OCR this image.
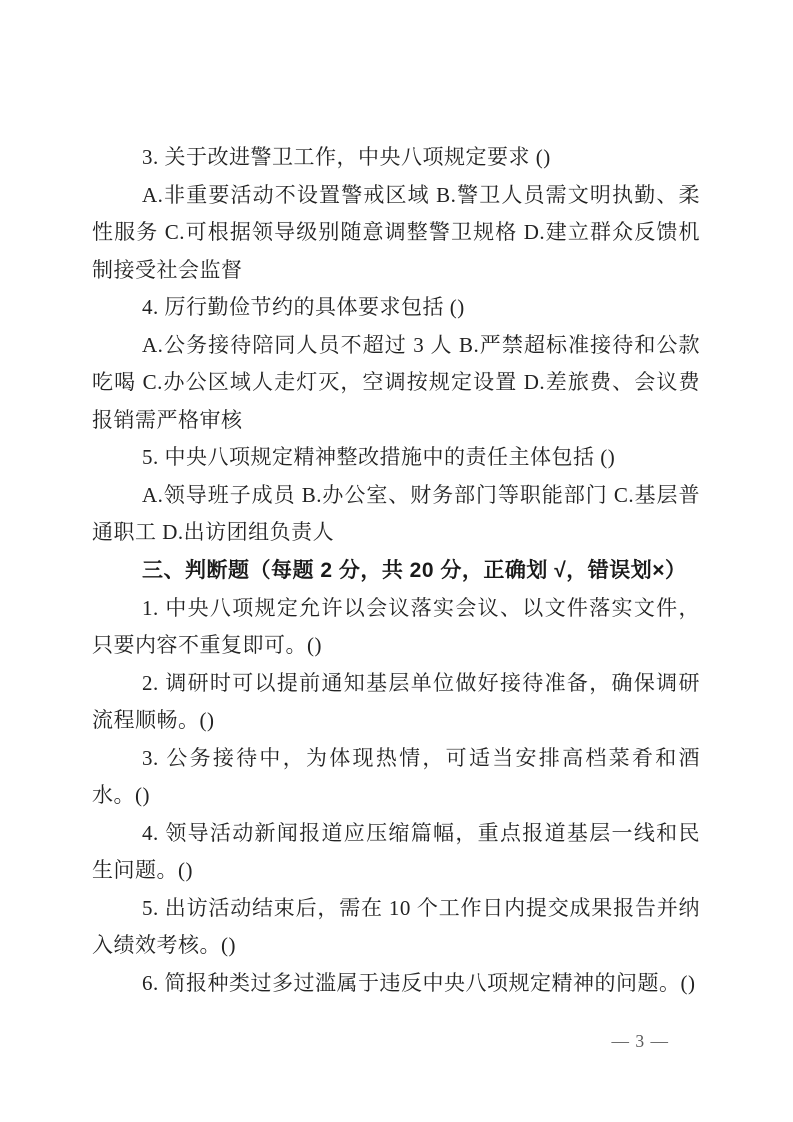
3. 关于改进警卫工作，中央八项规定要求 ()

A.非重要活动不设置警戒区域 B.警卫人员需文明执勤、柔性服务 C.可根据领导级别随意调整警卫规格 D.建立群众反馈机制接受社会监督

4. 厉行勤俭节约的具体要求包括 ()

A.公务接待陪同人员不超过 3 人 B.严禁超标准接待和公款吃喝 C.办公区域人走灯灭，空调按规定设置 D.差旅费、会议费报销需严格审核

5. 中央八项规定精神整改措施中的责任主体包括 ()

A.领导班子成员 B.办公室、财务部门等职能部门 C.基层普通职工 D.出访团组负责人

三、判断题（每题 2 分，共 20 分，正确划 √，错误划×）

1. 中央八项规定允许以会议落实会议、以文件落实文件，只要内容不重复即可。()

2. 调研时可以提前通知基层单位做好接待准备，确保调研流程顺畅。()

3. 公务接待中，为体现热情，可适当安排高档菜肴和酒水。()

4. 领导活动新闻报道应压缩篇幅，重点报道基层一线和民生问题。()

5. 出访活动结束后，需在 10 个工作日内提交成果报告并纳入绩效考核。()

6. 简报种类过多过滥属于违反中央八项规定精神的问题。()

— 3 —
